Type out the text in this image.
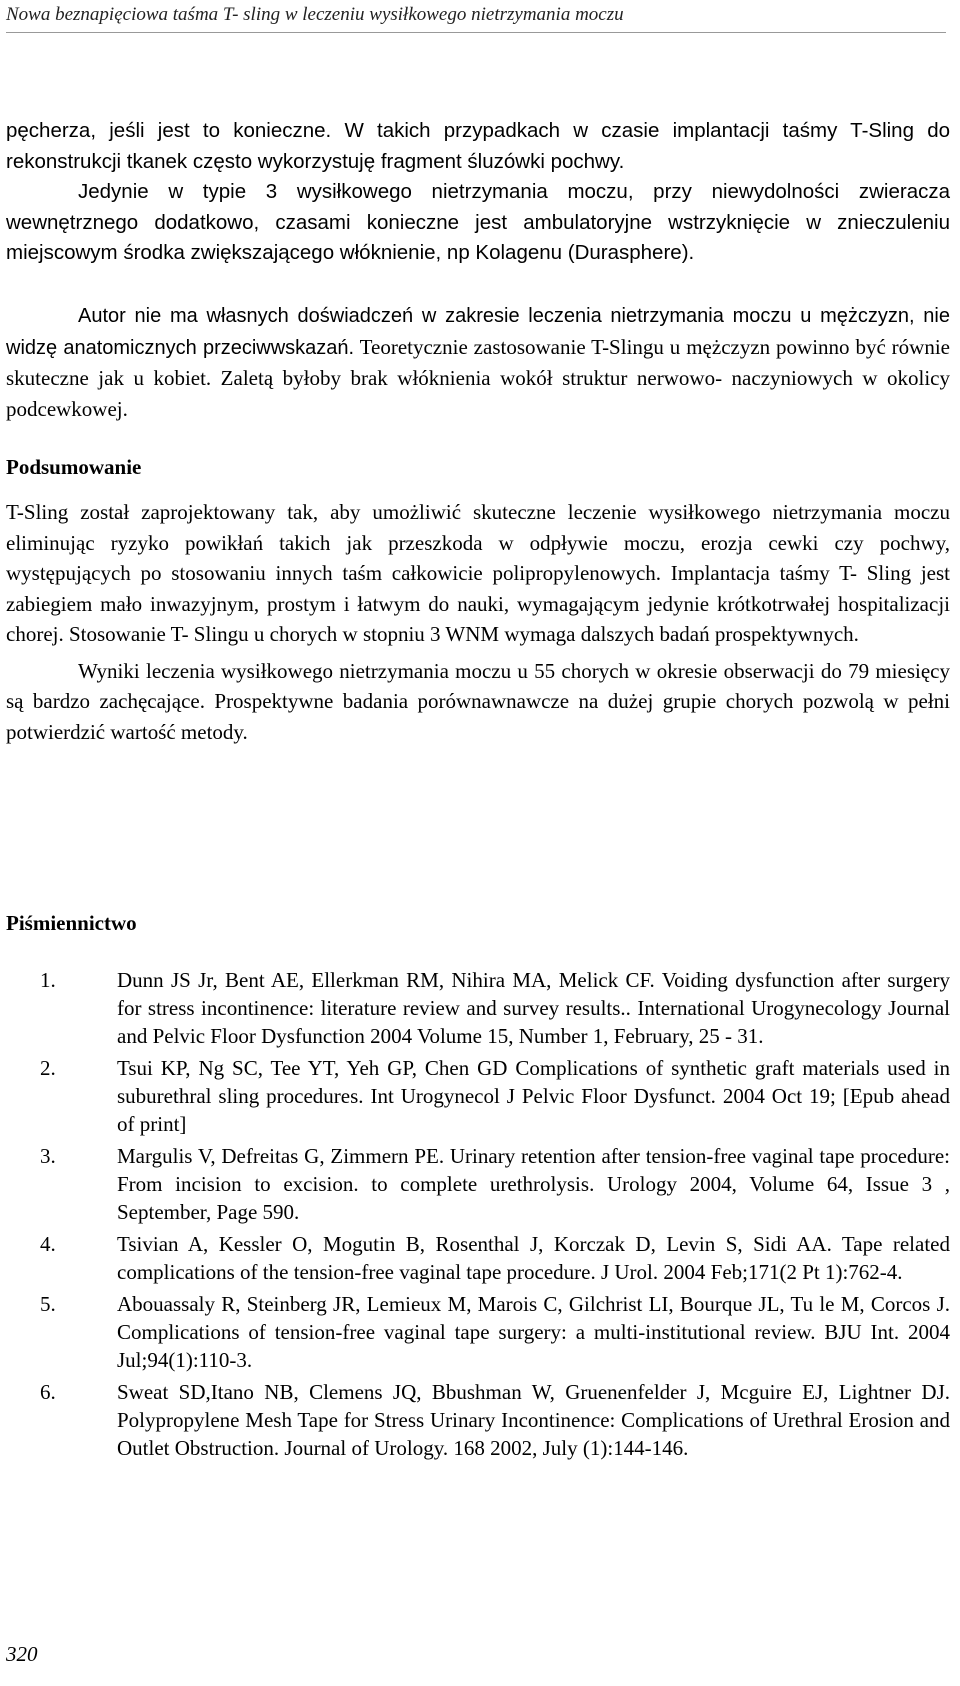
Nowa beznapięciowa taśma T- sling w leczeniu wysiłkowego nietrzymania moczu

pęcherza, jeśli jest to konieczne. W takich przypadkach w czasie implantacji taśmy T-Sling do rekonstrukcji tkanek często wykorzystuję fragment śluzówki pochwy.

Jedynie w typie 3 wysiłkowego nietrzymania moczu, przy niewydolności zwieracza wewnętrznego dodatkowo, czasami konieczne jest ambulatoryjne wstrzyknięcie w znieczuleniu miejscowym środka zwiększającego włóknienie, np Kolagenu (Durasphere).

Autor nie ma własnych doświadczeń w zakresie leczenia nietrzymania moczu u mężczyzn, nie widzę anatomicznych przeciwwskazań. Teoretycznie zastosowanie T-Slingu u mężczyzn powinno być równie skuteczne jak u kobiet. Zaletą byłoby brak włóknienia wokół struktur nerwowo- naczyniowych w okolicy podcewkowej.

Podsumowanie

T-Sling został zaprojektowany tak, aby umożliwić skuteczne leczenie wysiłkowego nietrzymania moczu eliminując ryzyko powikłań takich jak przeszkoda w odpływie moczu, erozja cewki czy pochwy, występujących po stosowaniu innych taśm całkowicie polipropylenowych. Implantacja taśmy T- Sling jest zabiegiem mało inwazyjnym, prostym i łatwym do nauki, wymagającym jedynie krótkotrwałej hospitalizacji chorej. Stosowanie T- Slingu u chorych w stopniu 3 WNM wymaga dalszych badań prospektywnych.

Wyniki leczenia wysiłkowego nietrzymania moczu u 55 chorych w okresie obserwacji do 79 miesięcy są bardzo zachęcające. Prospektywne badania porównawnawcze na dużej grupie chorych pozwolą w pełni potwierdzić wartość metody.

Piśmiennictwo
1.	Dunn JS Jr, Bent AE, Ellerkman RM, Nihira MA, Melick CF. Voiding dysfunction after surgery for stress incontinence: literature review and survey results.. International Urogynecology Journal and Pelvic Floor Dysfunction 2004 Volume 15, Number 1, February, 25 - 31.
2.	Tsui KP, Ng SC, Tee YT, Yeh GP, Chen GD Complications of synthetic graft materials used in suburethral sling procedures. Int Urogynecol J Pelvic Floor Dysfunct. 2004 Oct 19; [Epub ahead of print]
3.	Margulis V, Defreitas G, Zimmern PE. Urinary retention after tension-free vaginal tape procedure: From incision to excision. to complete urethrolysis. Urology 2004, Volume 64, Issue 3 , September, Page 590.
4.	Tsivian A, Kessler O, Mogutin B, Rosenthal J, Korczak D, Levin S, Sidi AA. Tape related complications of the tension-free vaginal tape procedure. J Urol. 2004 Feb;171(2 Pt 1):762-4.
5.	Abouassaly R, Steinberg JR, Lemieux M, Marois C, Gilchrist LI, Bourque JL, Tu le M, Corcos J. Complications of tension-free vaginal tape surgery: a multi-institutional review. BJU Int. 2004 Jul;94(1):110-3.
6.	Sweat SD,Itano NB, Clemens JQ, Bbushman W, Gruenenfelder J, Mcguire EJ, Lightner DJ. Polypropylene Mesh Tape for Stress Urinary Incontinence: Complications of Urethral Erosion and Outlet Obstruction. Journal of Urology. 168 2002, July (1):144-146.
320
